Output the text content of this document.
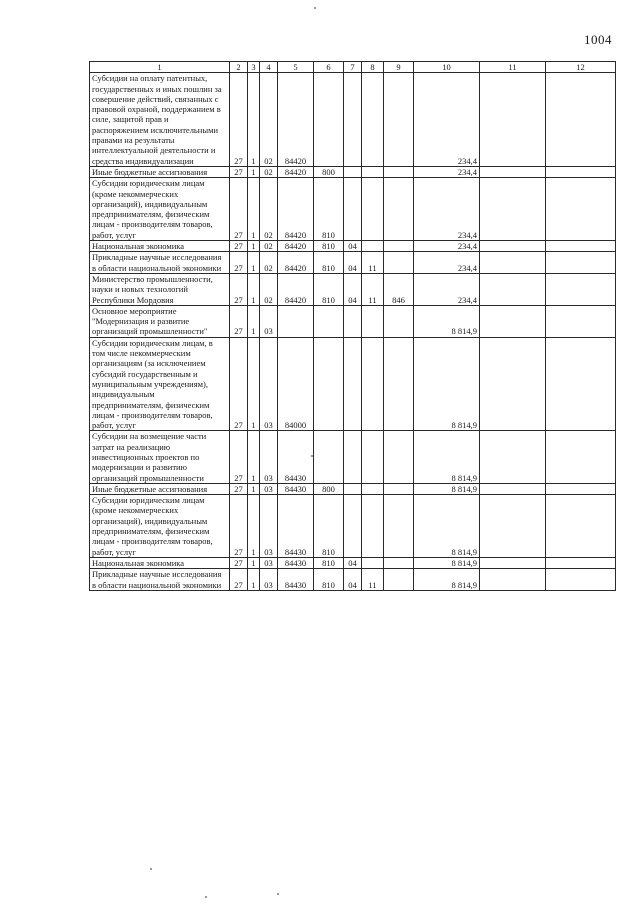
1004
1	2	3	4	5	6	7	8	9	10	11	12
Субсидии на оплату патентных, государственных и иных пошлин за совершение действий, связанных с правовой охраной, поддержанием в силе, защитой прав и распоряжением исключительными правами на результаты интеллектуальной деятельности и средства индивидуализации	27	1	02	84420					234,4		
Иные бюджетные ассигнования	27	1	02	84420	800				234,4		
Субсидии юридическим лицам (кроме некоммерческих организаций), индивидуальным предпринимателям, физическим лицам - производителям товаров, работ, услуг	27	1	02	84420	810				234,4		
Национальная экономика	27	1	02	84420	810	04			234,4		
Прикладные научные исследования в области национальной экономики	27	1	02	84420	810	04	11		234,4		
Министерство промышленности, науки и новых технологий Республики Мордовия	27	1	02	84420	810	04	11	846	234,4		
Основное мероприятие "Модернизация и развитие организаций промышленности"	27	1	03						8 814,9		
Субсидии юридическим лицам, в том числе некоммерческим организациям (за исключением субсидий государственным и муниципальным учреждениям), индивидуальным предпринимателям, физическим лицам - производителям товаров, работ, услуг	27	1	03	84000					8 814,9		
Субсидии на возмещение части затрат на реализацию инвестиционных проектов по модернизации и развитию организаций промышленности	27	1	03	84430					8 814,9		
Иные бюджетные ассигнования	27	1	03	84430	800				8 814,9		
Субсидии юридическим лицам (кроме некоммерческих организаций), индивидуальным предпринимателям, физическим лицам - производителям товаров, работ, услуг	27	1	03	84430	810				8 814,9		
Национальная экономика	27	1	03	84430	810	04			8 814,9		
Прикладные научные исследования в области национальной экономики	27	1	03	84430	810	04	11		8 814,9		
